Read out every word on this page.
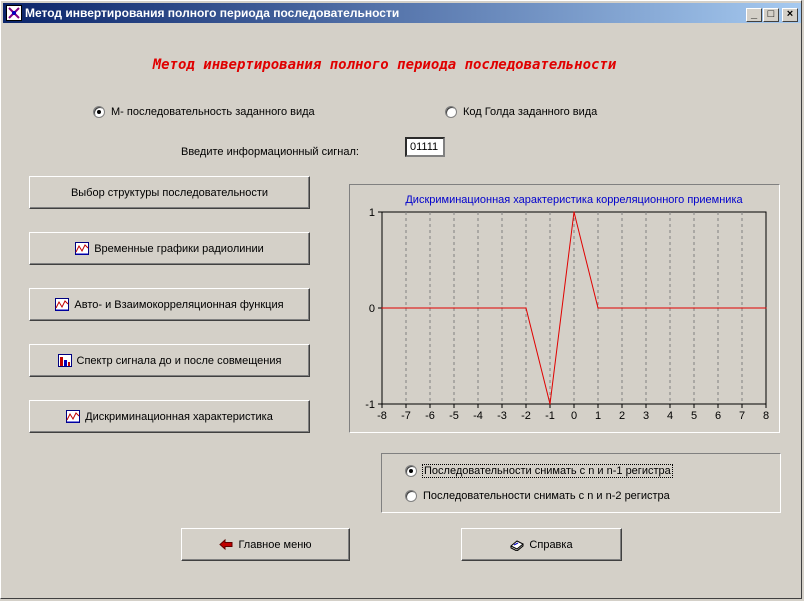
Метод инвертирования полного периода последовательности	_ □	×
Метод инвертирования полного периода последовательности
М- последовательность заданного вида	Код Голда заданного вида
Введите информационный сигнал:
01111
Выбор структуры последовательности
Временные графики радиолинии
Авто- и Взаимокорреляционная функция
Спектр сигнала до и после совмещения
Дискриминационная характеристика
Дискриминационная характеристика корреляционного приемника
-8 -7 -6 -5 -4 -3 -2 -1 0 1 2 3 4 5 6 7 8
1
0
-1
Последовательности снимать с n и n-1 регистра
Последовательности снимать с n и n-2 регистра
Главное меню	Справка
